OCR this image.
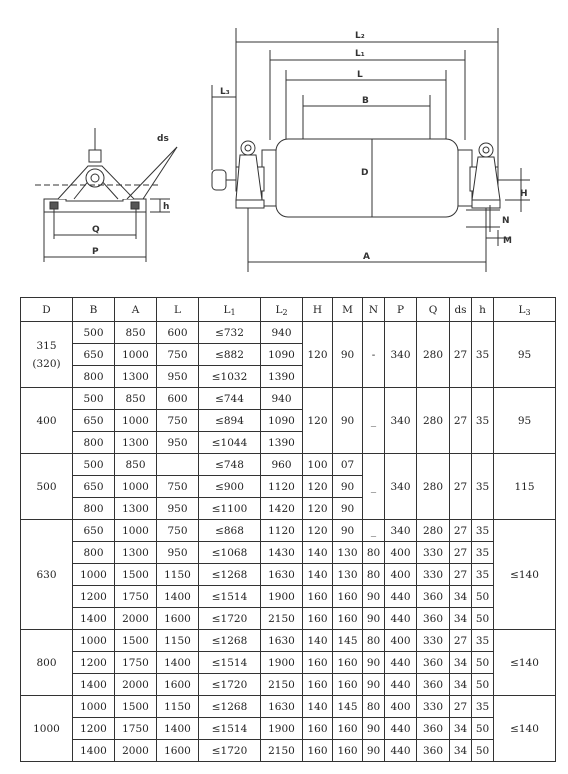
L₃
L₂
L₁
L
B
D
H
N
M
A
ds
Q
P
h
D	B	A	L	$L_1$	$L_2$	H	M	N	P	Q	ds	h	$L_3$
315
(320)	500	850	600	≤732	940	120	90	-	340	280	27	35	95
	650	1000	750	≤882	1090								
	800	1300	950	≤1032	1390								
400	500	850	600	≤744	940	120	90	_	340	280	27	35	95
	650	1000	750	≤894	1090								
	800	1300	950	≤1044	1390								
500	500	850		≤748	960	100	07	_	340	280	27	35	115
	650	1000	750	≤900	1120	120	90						
	800	1300	950	≤1100	1420	120	90						
630	650	1000	750	≤868	1120	120	90	_	340	280	27	35	≤140
	800	1300	950	≤1068	1430	140	130	80	400	330	27	35	
	1000	1500	1150	≤1268	1630	140	130	80	400	330	27	35	
	1200	1750	1400	≤1514	1900	160	160	90	440	360	34	50	
	1400	2000	1600	≤1720	2150	160	160	90	440	360	34	50	
800	1000	1500	1150	≤1268	1630	140	145	80	400	330	27	35	≤140
	1200	1750	1400	≤1514	1900	160	160	90	440	360	34	50	
	1400	2000	1600	≤1720	2150	160	160	90	440	360	34	50	
1000	1000	1500	1150	≤1268	1630	140	145	80	400	330	27	35	≤140
	1200	1750	1400	≤1514	1900	160	160	90	440	360	34	50	
	1400	2000	1600	≤1720	2150	160	160	90	440	360	34	50	
